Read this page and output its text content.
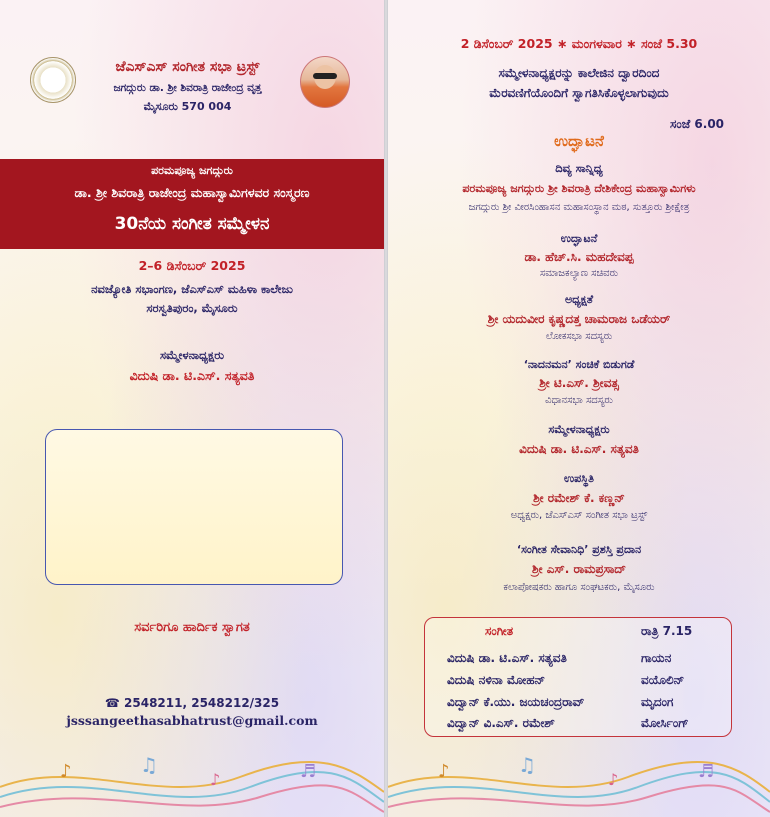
ಜೆಎಸ್‌ಎಸ್ ಸಂಗೀತ ಸಭಾ ಟ್ರಸ್ಟ್
ಜಗದ್ಗುರು ಡಾ. ಶ್ರೀ ಶಿವರಾತ್ರಿ ರಾಜೇಂದ್ರ ವೃತ್ತ
ಮೈಸೂರು 570 004
ಪರಮಪೂಜ್ಯ ಜಗದ್ಗುರು
ಡಾ. ಶ್ರೀ ಶಿವರಾತ್ರಿ ರಾಜೇಂದ್ರ ಮಹಾಸ್ವಾಮಿಗಳವರ ಸಂಸ್ಮರಣ
30ನೆಯ ಸಂಗೀತ ಸಮ್ಮೇಳನ
2–6 ಡಿಸೆಂಬರ್ 2025
ನವಜ್ಯೋತಿ ಸಭಾಂಗಣ, ಜೆಎಸ್‌ಎಸ್ ಮಹಿಳಾ ಕಾಲೇಜು
ಸರಸ್ವತಿಪುರಂ, ಮೈಸೂರು
ಸಮ್ಮೇಳನಾಧ್ಯಕ್ಷರು
ವಿದುಷಿ ಡಾ. ಟಿ.ಎಸ್. ಸತ್ಯವತಿ
ಸರ್ವರಿಗೂ ಹಾರ್ದಿಕ ಸ್ವಾಗತ
☎ 2548211, 2548212/325
jsssangeethasabhatrust@gmail.com
♪	♫
♪	♬
2 ಡಿಸೆಂಬರ್ 2025 ∗ ಮಂಗಳವಾರ ∗ ಸಂಜೆ 5.30
ಸಮ್ಮೇಳನಾಧ್ಯಕ್ಷರನ್ನು ಕಾಲೇಜಿನ ದ್ವಾರದಿಂದ
ಮೆರವಣಿಗೆಯೊಂದಿಗೆ ಸ್ವಾಗತಿಸಿಕೊಳ್ಳಲಾಗುವುದು
ಸಂಜೆ 6.00
ಉದ್ಘಾಟನೆ
ದಿವ್ಯ ಸಾನ್ನಿಧ್ಯ
ಪರಮಪೂಜ್ಯ ಜಗದ್ಗುರು ಶ್ರೀ ಶಿವರಾತ್ರಿ ದೇಶಿಕೇಂದ್ರ ಮಹಾಸ್ವಾಮಿಗಳು
ಜಗದ್ಗುರು ಶ್ರೀ ವೀರಸಿಂಹಾಸನ ಮಹಾಸಂಸ್ಥಾನ ಮಠ, ಸುತ್ತೂರು ಶ್ರೀಕ್ಷೇತ್ರ
ಉದ್ಘಾಟನೆ
ಡಾ. ಹೆಚ್.ಸಿ. ಮಹದೇವಪ್ಪ
ಸಮಾಜಕಲ್ಯಾಣ ಸಚಿವರು
ಅಧ್ಯಕ್ಷತೆ
ಶ್ರೀ ಯದುವೀರ ಕೃಷ್ಣದತ್ತ ಚಾಮರಾಜ ಒಡೆಯರ್
ಲೋಕಸಭಾ ಸದಸ್ಯರು
‘ನಾದನಮನ’ ಸಂಚಿಕೆ ಬಿಡುಗಡೆ
ಶ್ರೀ ಟಿ.ಎಸ್. ಶ್ರೀವತ್ಸ
ವಿಧಾನಸಭಾ ಸದಸ್ಯರು
ಸಮ್ಮೇಳನಾಧ್ಯಕ್ಷರು
ವಿದುಷಿ ಡಾ. ಟಿ.ಎಸ್. ಸತ್ಯವತಿ
ಉಪಸ್ಥಿತಿ
ಶ್ರೀ ರಮೇಶ್ ಕೆ. ಕಣ್ಣನ್
ಅಧ್ಯಕ್ಷರು, ಜೆಎಸ್‌ಎಸ್ ಸಂಗೀತ ಸಭಾ ಟ್ರಸ್ಟ್
‘ಸಂಗೀತ ಸೇವಾನಿಧಿ’ ಪ್ರಶಸ್ತಿ ಪ್ರದಾನ
ಶ್ರೀ ಎಸ್. ರಾಮಪ್ರಸಾದ್
ಕಲಾಪೋಷಕರು ಹಾಗೂ ಸಂಘಟಕರು, ಮೈಸೂರು
ಸಂಗೀತ	ರಾತ್ರಿ 7.15
ವಿದುಷಿ ಡಾ. ಟಿ.ಎಸ್. ಸತ್ಯವತಿ	ಗಾಯನ
ವಿದುಷಿ ನಳಿನಾ ಮೋಹನ್	ವಯೊಲಿನ್
ವಿದ್ವಾನ್ ಕೆ.ಯು. ಜಯಚಂದ್ರರಾವ್	ಮೃದಂಗ
ವಿದ್ವಾನ್ ವಿ.ಎಸ್. ರಮೇಶ್	ಮೋರ್ಸಿಂಗ್
♪	♫
♪	♬
